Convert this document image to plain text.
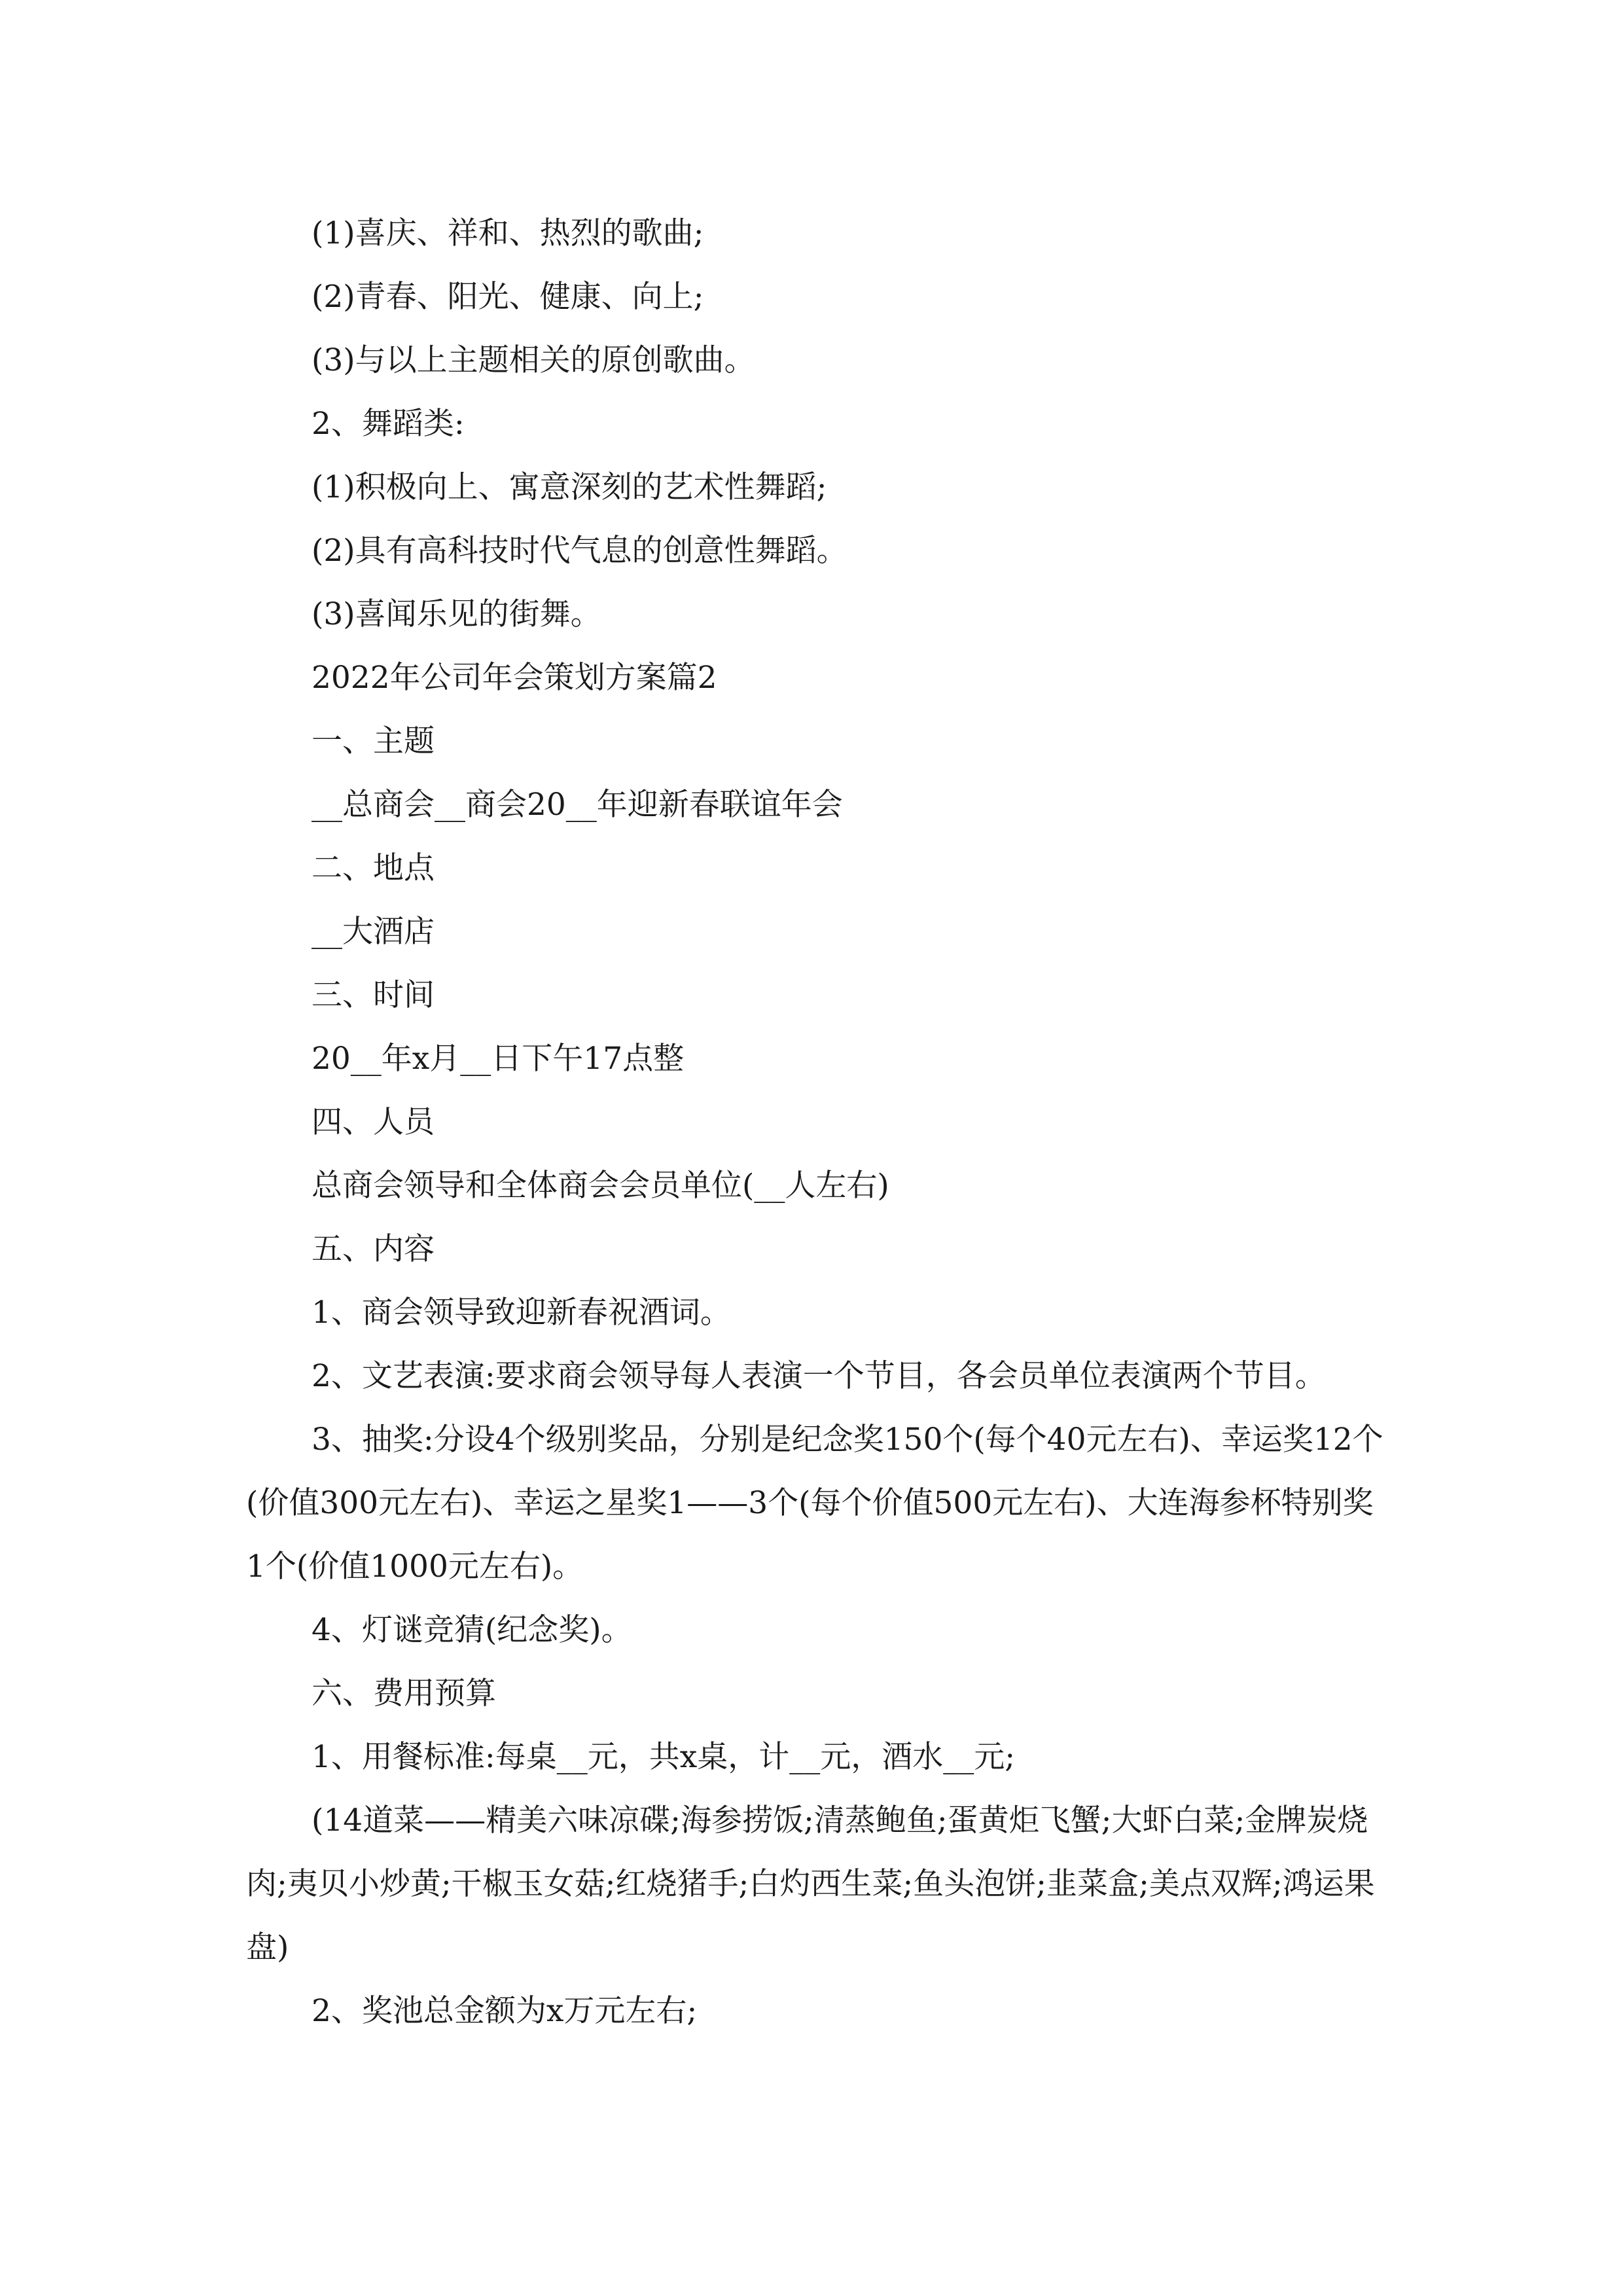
(1)喜庆、祥和、热烈的歌曲;

(2)青春、阳光、健康、向上;

(3)与以上主题相关的原创歌曲。

2、舞蹈类:

(1)积极向上、寓意深刻的艺术性舞蹈;

(2)具有高科技时代气息的创意性舞蹈。

(3)喜闻乐见的街舞。

2022年公司年会策划方案篇2

一、主题

__总商会__商会20__年迎新春联谊年会

二、地点

__大酒店

三、时间

20__年x月__日下午17点整

四、人员

总商会领导和全体商会会员单位(__人左右)

五、内容

1、商会领导致迎新春祝酒词。

2、文艺表演:要求商会领导每人表演一个节目，各会员单位表演两个节目。

3、抽奖:分设4个级别奖品，分别是纪念奖150个(每个40元左右)、幸运奖12个(价值300元左右)、幸运之星奖1——3个(每个价值500元左右)、大连海参杯特别奖1个(价值1000元左右)。

4、灯谜竞猜(纪念奖)。

六、费用预算

1、用餐标准:每桌__元，共x桌，计__元，酒水__元;

(14道菜——精美六味凉碟;海参捞饭;清蒸鲍鱼;蛋黄炬飞蟹;大虾白菜;金牌炭烧肉;夷贝小炒黄;干椒玉女菇;红烧猪手;白灼西生菜;鱼头泡饼;韭菜盒;美点双辉;鸿运果盘)

2、奖池总金额为x万元左右;
